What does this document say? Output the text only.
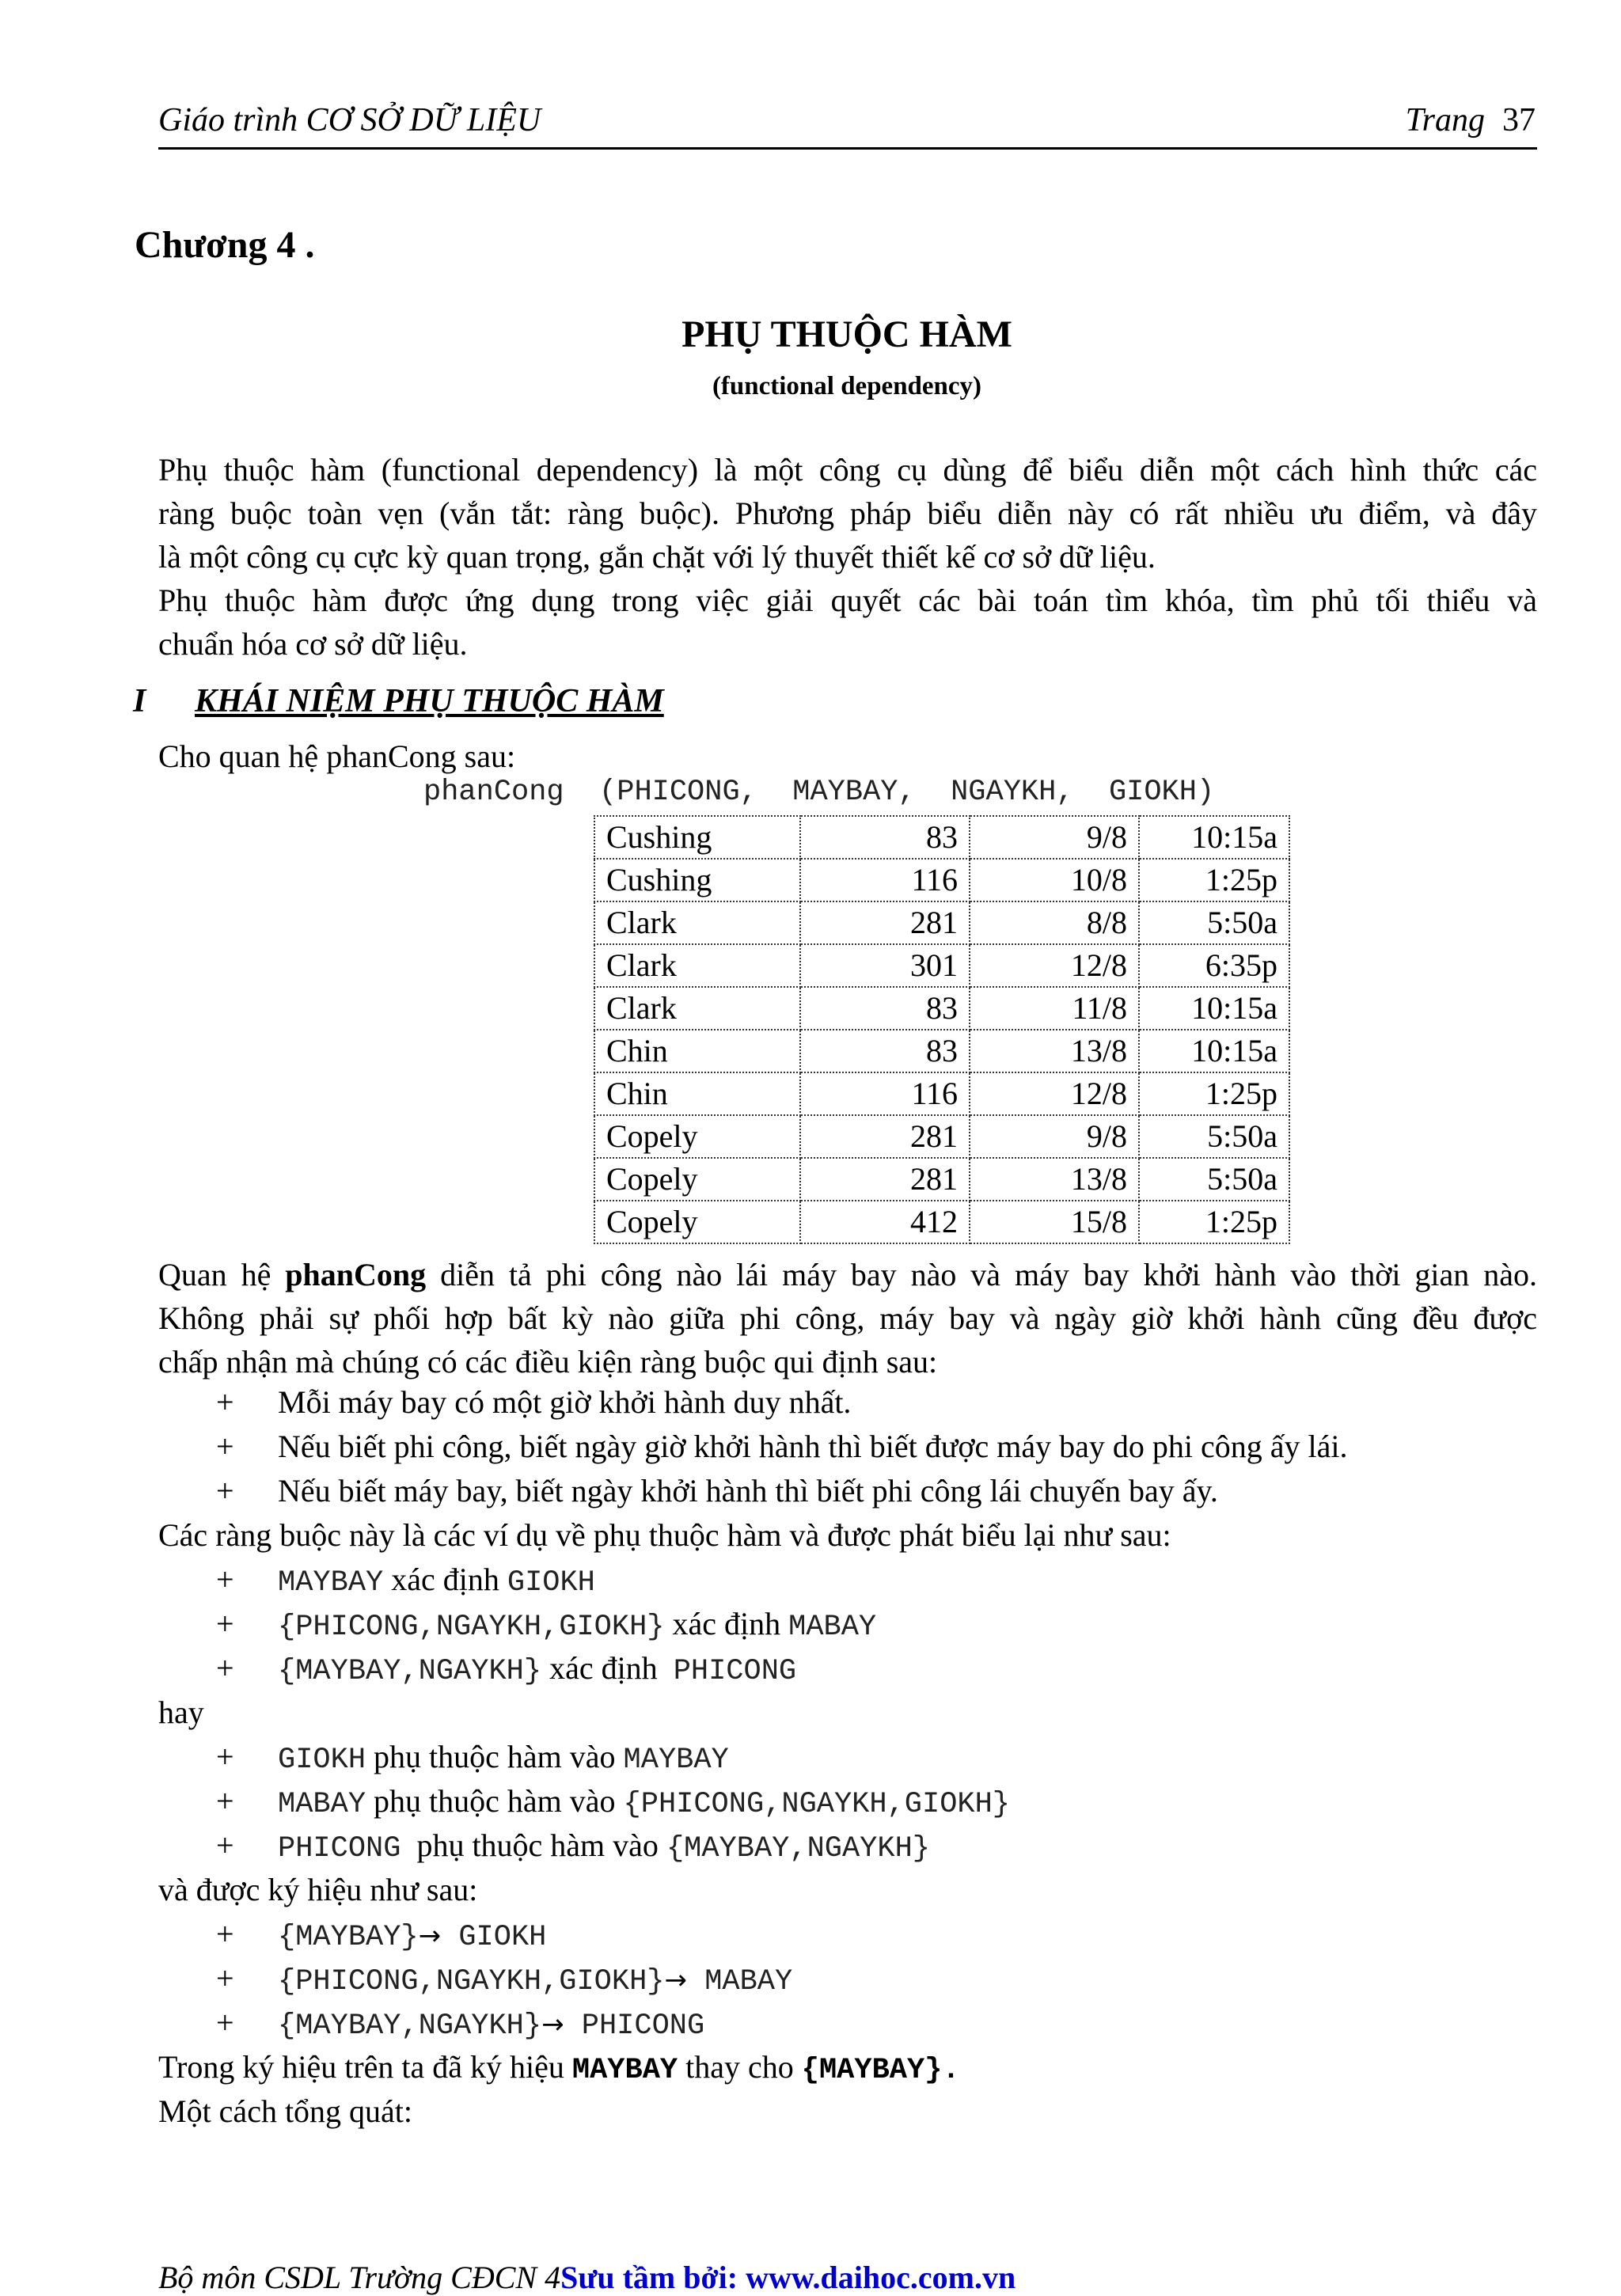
Giáo trình CƠ SỞ DỮ LIỆU	Trang 37
Chương 4 .
PHỤ THUỘC HÀM
(functional dependency)
Phụ thuộc hàm (functional dependency) là một công cụ dùng để biểu diễn một cách hình thức các
ràng buộc toàn vẹn (vắn tắt: ràng buộc). Phương pháp biểu diễn này có rất nhiều ưu điểm, và đây
là một công cụ cực kỳ quan trọng, gắn chặt với lý thuyết thiết kế cơ sở dữ liệu.
Phụ thuộc hàm được ứng dụng trong việc giải quyết các bài toán tìm khóa, tìm phủ tối thiểu và
chuẩn hóa cơ sở dữ liệu.
I KHÁI NIỆM PHỤ THUỘC HÀM
Cho quan hệ phanCong sau:
phanCong  (PHICONG,  MAYBAY,  NGAYKH,  GIOKH)
Cushing	83	9/8	10:15a
Cushing	116	10/8	1:25p
Clark	281	8/8	5:50a
Clark	301	12/8	6:35p
Clark	83	11/8	10:15a
Chin	83	13/8	10:15a
Chin	116	12/8	1:25p
Copely	281	9/8	5:50a
Copely	281	13/8	5:50a
Copely	412	15/8	1:25p
Quan hệ phanCong diễn tả phi công nào lái máy bay nào và máy bay khởi hành vào thời gian nào.
Không phải sự phối hợp bất kỳ nào giữa phi công, máy bay và ngày giờ khởi hành cũng đều được
chấp nhận mà chúng có các điều kiện ràng buộc qui định sau:
+ Mỗi máy bay có một giờ khởi hành duy nhất.
+ Nếu biết phi công, biết ngày giờ khởi hành thì biết được máy bay do phi công ấy lái.
+ Nếu biết máy bay, biết ngày khởi hành thì biết phi công lái chuyến bay ấy.
Các ràng buộc này là các ví dụ về phụ thuộc hàm và được phát biểu lại như sau:
+ MAYBAY xác định GIOKH
+ {PHICONG,NGAYKH,GIOKH} xác định MABAY
+ {MAYBAY,NGAYKH} xác định  PHICONG
hay
+ GIOKH phụ thuộc hàm vào MAYBAY
+ MABAY phụ thuộc hàm vào {PHICONG,NGAYKH,GIOKH}
+ PHICONG  phụ thuộc hàm vào {MAYBAY,NGAYKH}
và được ký hiệu như sau:
+ {MAYBAY}→ GIOKH
+ {PHICONG,NGAYKH,GIOKH}→ MABAY
+ {MAYBAY,NGAYKH}→ PHICONG
Trong ký hiệu trên ta đã ký hiệu MAYBAY thay cho {MAYBAY}.
Một cách tổng quát:
Bộ môn CSDL Trường CĐCN 4Sưu tầm bởi: www.daihoc.com.vn
